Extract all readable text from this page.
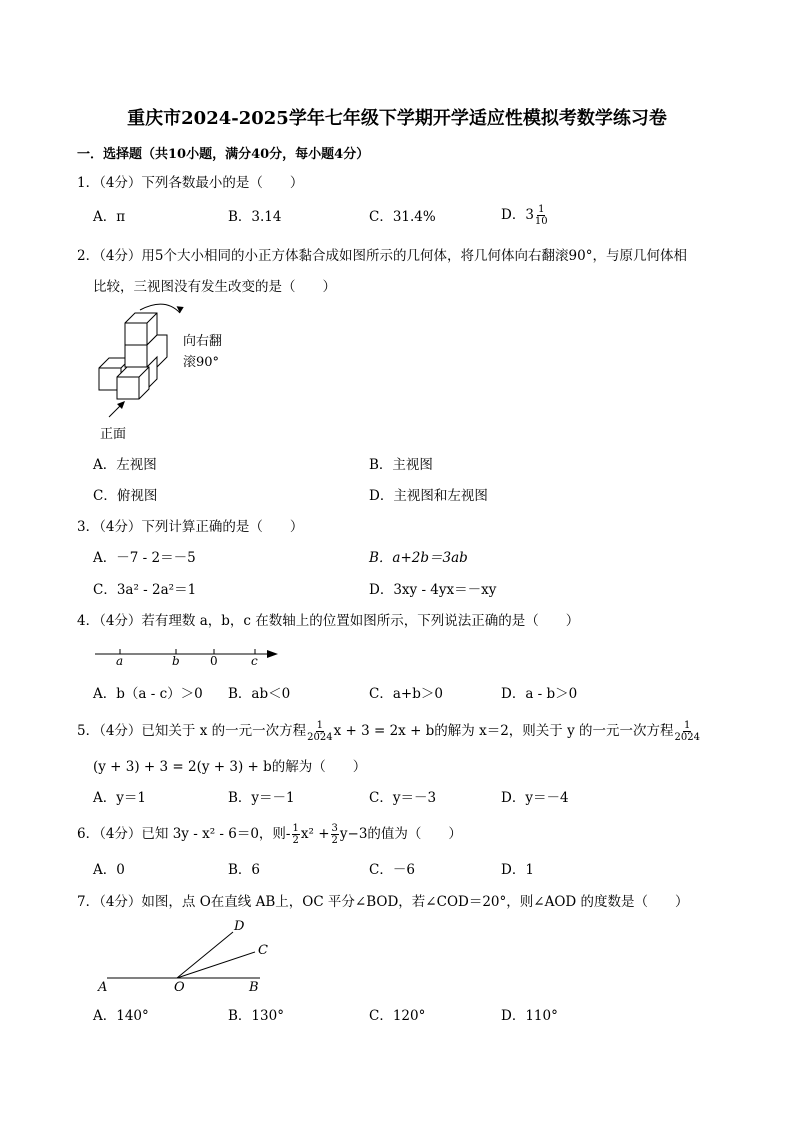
重庆市2024-2025学年七年级下学期开学适应性模拟考数学练习卷
一．选择题（共10小题，满分40分，每小题4分）
1．（4分）下列各数最小的是（　　）
A．π	B．3.14	C．31.4%	D．$3 \frac{1}{10}$
2．（4分）用5个大小相同的小正方体黏合成如图所示的几何体，将几何体向右翻滚90°，与原几何体相
比较，三视图没有发生改变的是（　　）
向右翻
滚90°
正面
A．左视图	B．主视图
C．俯视图	D．主视图和左视图
3．（4分）下列计算正确的是（　　）
A．－7 - 2＝－5	B．a+2b＝3ab
C．3a² - 2a²＝1	D．3xy - 4yx＝－xy
4．（4分）若有理数 a，b，c 在数轴上的位置如图所示，下列说法正确的是（　　）
a	b	0	c
A．b（a - c）＞0 B．ab＜0	C．a+b＞0	D．a - b＞0
5．（4分）已知关于 x 的一元一次方程 $\frac{1}{2024}$ x + 3 = 2x + b的解为 x＝2，则关于 y 的一元一次方程 $\frac{1}{2024}$
(y + 3) + 3 = 2(y + 3) + b的解为（　　）
A．y＝1	B．y＝－1	C．y＝－3	D．y＝－4
6．（4分）已知 3y - x² - 6＝0，则- $\frac{1}{2} x^2 + \frac{3}{2} y-3$的值为（　　）
A．0	B．6	C．－6	D．1
7．（4分）如图，点 O在直线 AB上，OC 平分∠BOD，若∠COD＝20°，则∠AOD 的度数是（　　）
A	O	B
C
D
A．140°	B．130°	C．120°	D．110°
